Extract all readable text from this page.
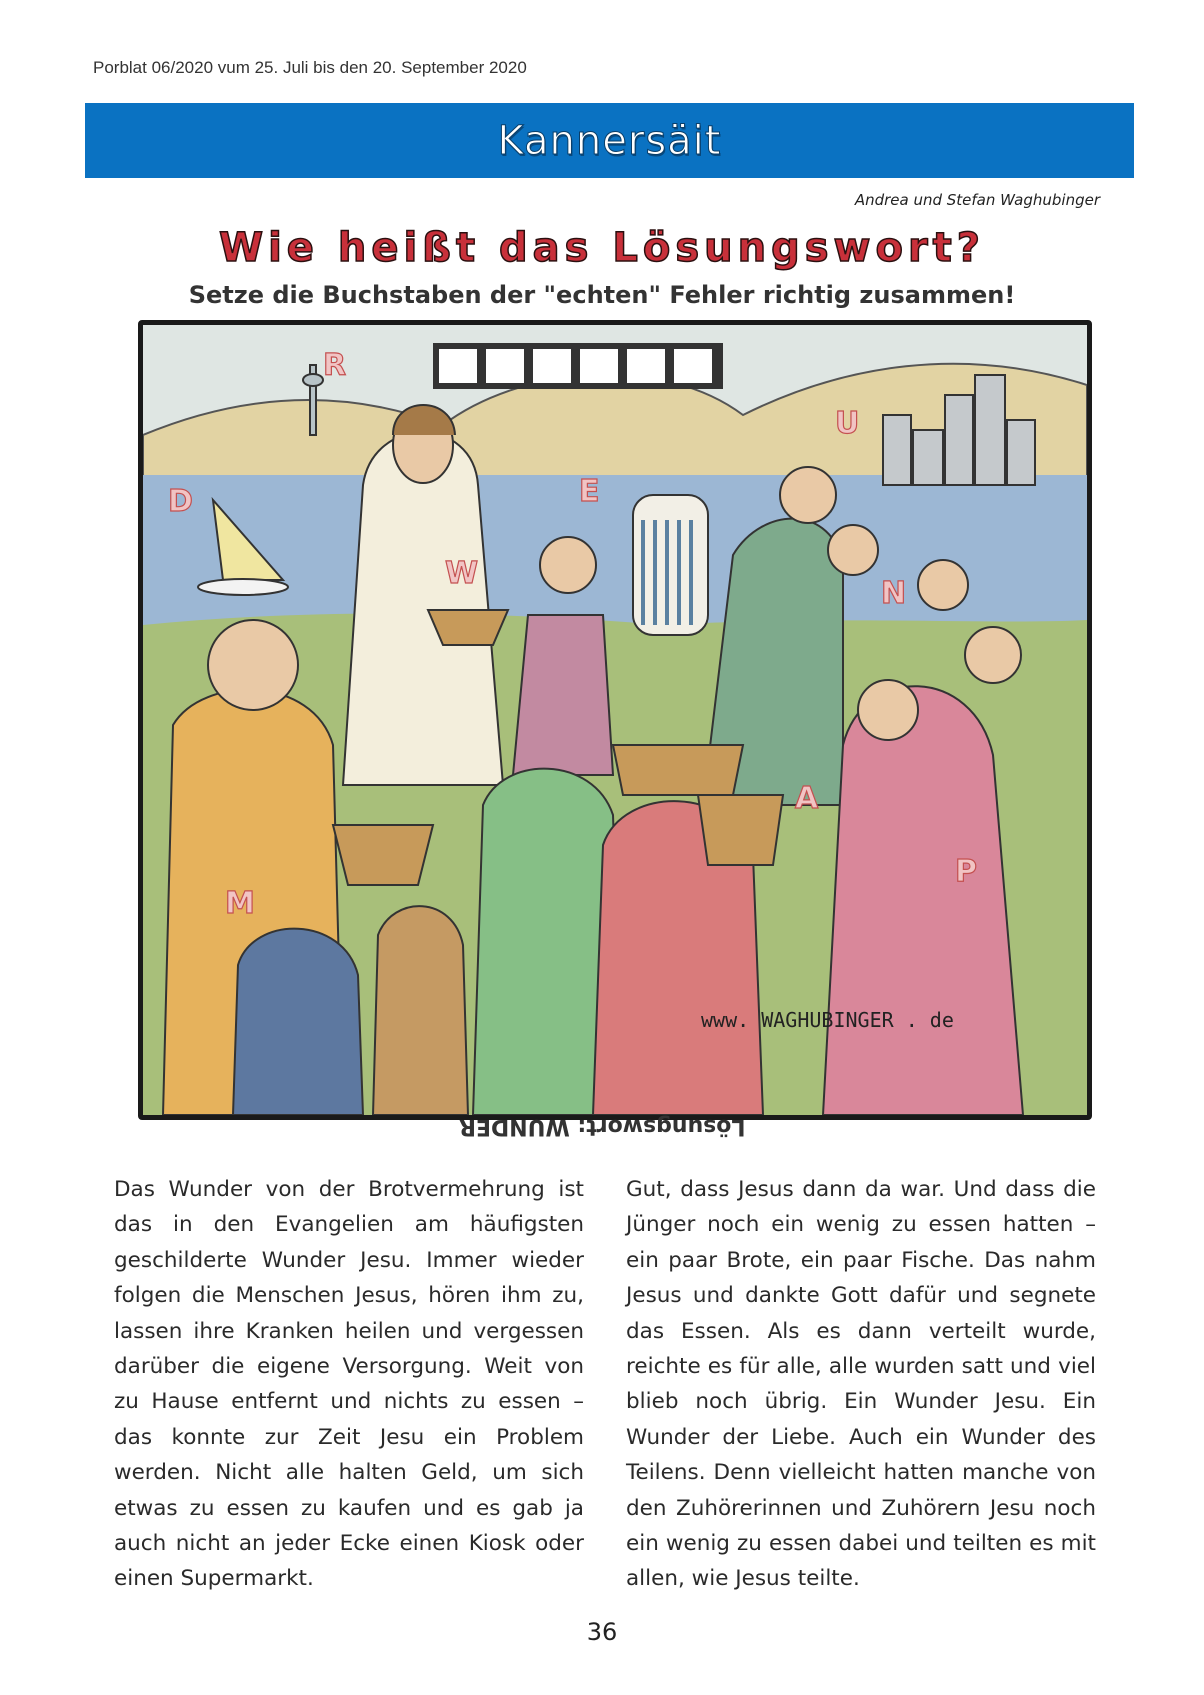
Porblat 06/2020 vum 25. Juli bis den 20. September 2020
Kannersäit
Andrea und Stefan Waghubinger
Wie heißt das Lösungswort?
Setze die Buchstaben der "echten" Fehler richtig zusammen!
R
U
D	E
W
N
A
P
M
www. WAGHUBINGER . de
Lösungswort: WUNDER

Das Wunder von der Brotvermehrung ist das in den Evangelien am häufigsten geschilderte Wunder Jesu. Immer wieder folgen die Menschen Jesus, hören ihm zu, lassen ihre Kranken heilen und vergessen darüber die eigene Versorgung. Weit von zu Hause entfernt und nichts zu essen – das konnte zur Zeit Jesu ein Problem werden. Nicht alle halten Geld, um sich etwas zu essen zu kaufen und es gab ja auch nicht an jeder Ecke einen Kiosk oder einen Supermarkt.

Gut, dass Jesus dann da war. Und dass die Jünger noch ein wenig zu essen hatten – ein paar Brote, ein paar Fische. Das nahm Jesus und dankte Gott dafür und segnete das Essen. Als es dann verteilt wurde, reichte es für alle, alle wurden satt und viel blieb noch übrig. Ein Wunder Jesu. Ein Wunder der Liebe. Auch ein Wunder des Teilens. Denn vielleicht hatten manche von den Zuhörerinnen und Zuhörern Jesu noch ein wenig zu essen dabei und teilten es mit allen, wie Jesus teilte.

36
